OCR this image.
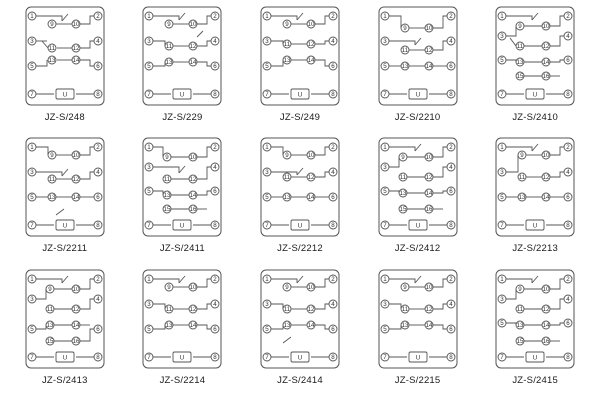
1
3
5
7
2
4
6
8
9
11
13
10
12
14
U
JZ-S/248
1
3
5
7
2
4
6
8
9
11
13
10
12
14
U
JZ-S/229
1
3
5
7
2
4
6
8
9
11
13
10
12
14
U
JZ-S/249
1
3
5
7
2
4
6
8
9
11
13
10
12
14
U
JZ-S/2210
1
3
5
7
2
4
6
8
9
11
13
15
10
12
14
16
U
JZ-S/2410
1
3
5
7
2
4
6
8
9
11
13
10
12
14
U
JZ-S/2211
1
3
5
7
2
4
6
8
9
11
13
15
10
12
14
16
U
JZ-S/2411
1
3
5
7
2
4
6
8
9
11
13
10
12
14
U
JZ-S/2212
1
3
5
7
2
4
6
8
9
11
13
15
10
12
14
16
U
JZ-S/2412
1
3
5
7
2
4
6
8
9
11
13
10
12
14
U
JZ-S/2213
1
3
5
7
2
4
6
8
9
11
13
15
10
12
14
16
U
JZ-S/2413
1
3
5
7
2
4
6
8
9
11
13
10
12
14
U
JZ-S/2214
1
3
5
7
2
4
6
8
9
11
13
10
12
14
U
JZ-S/2414
1
3
5
7
2
4
6
8
9
11
13
10
12
14
U
JZ-S/2215
1
3
5
7
2
4
6
8
9
11
13
15
10
12
14
16
U
JZ-S/2415
